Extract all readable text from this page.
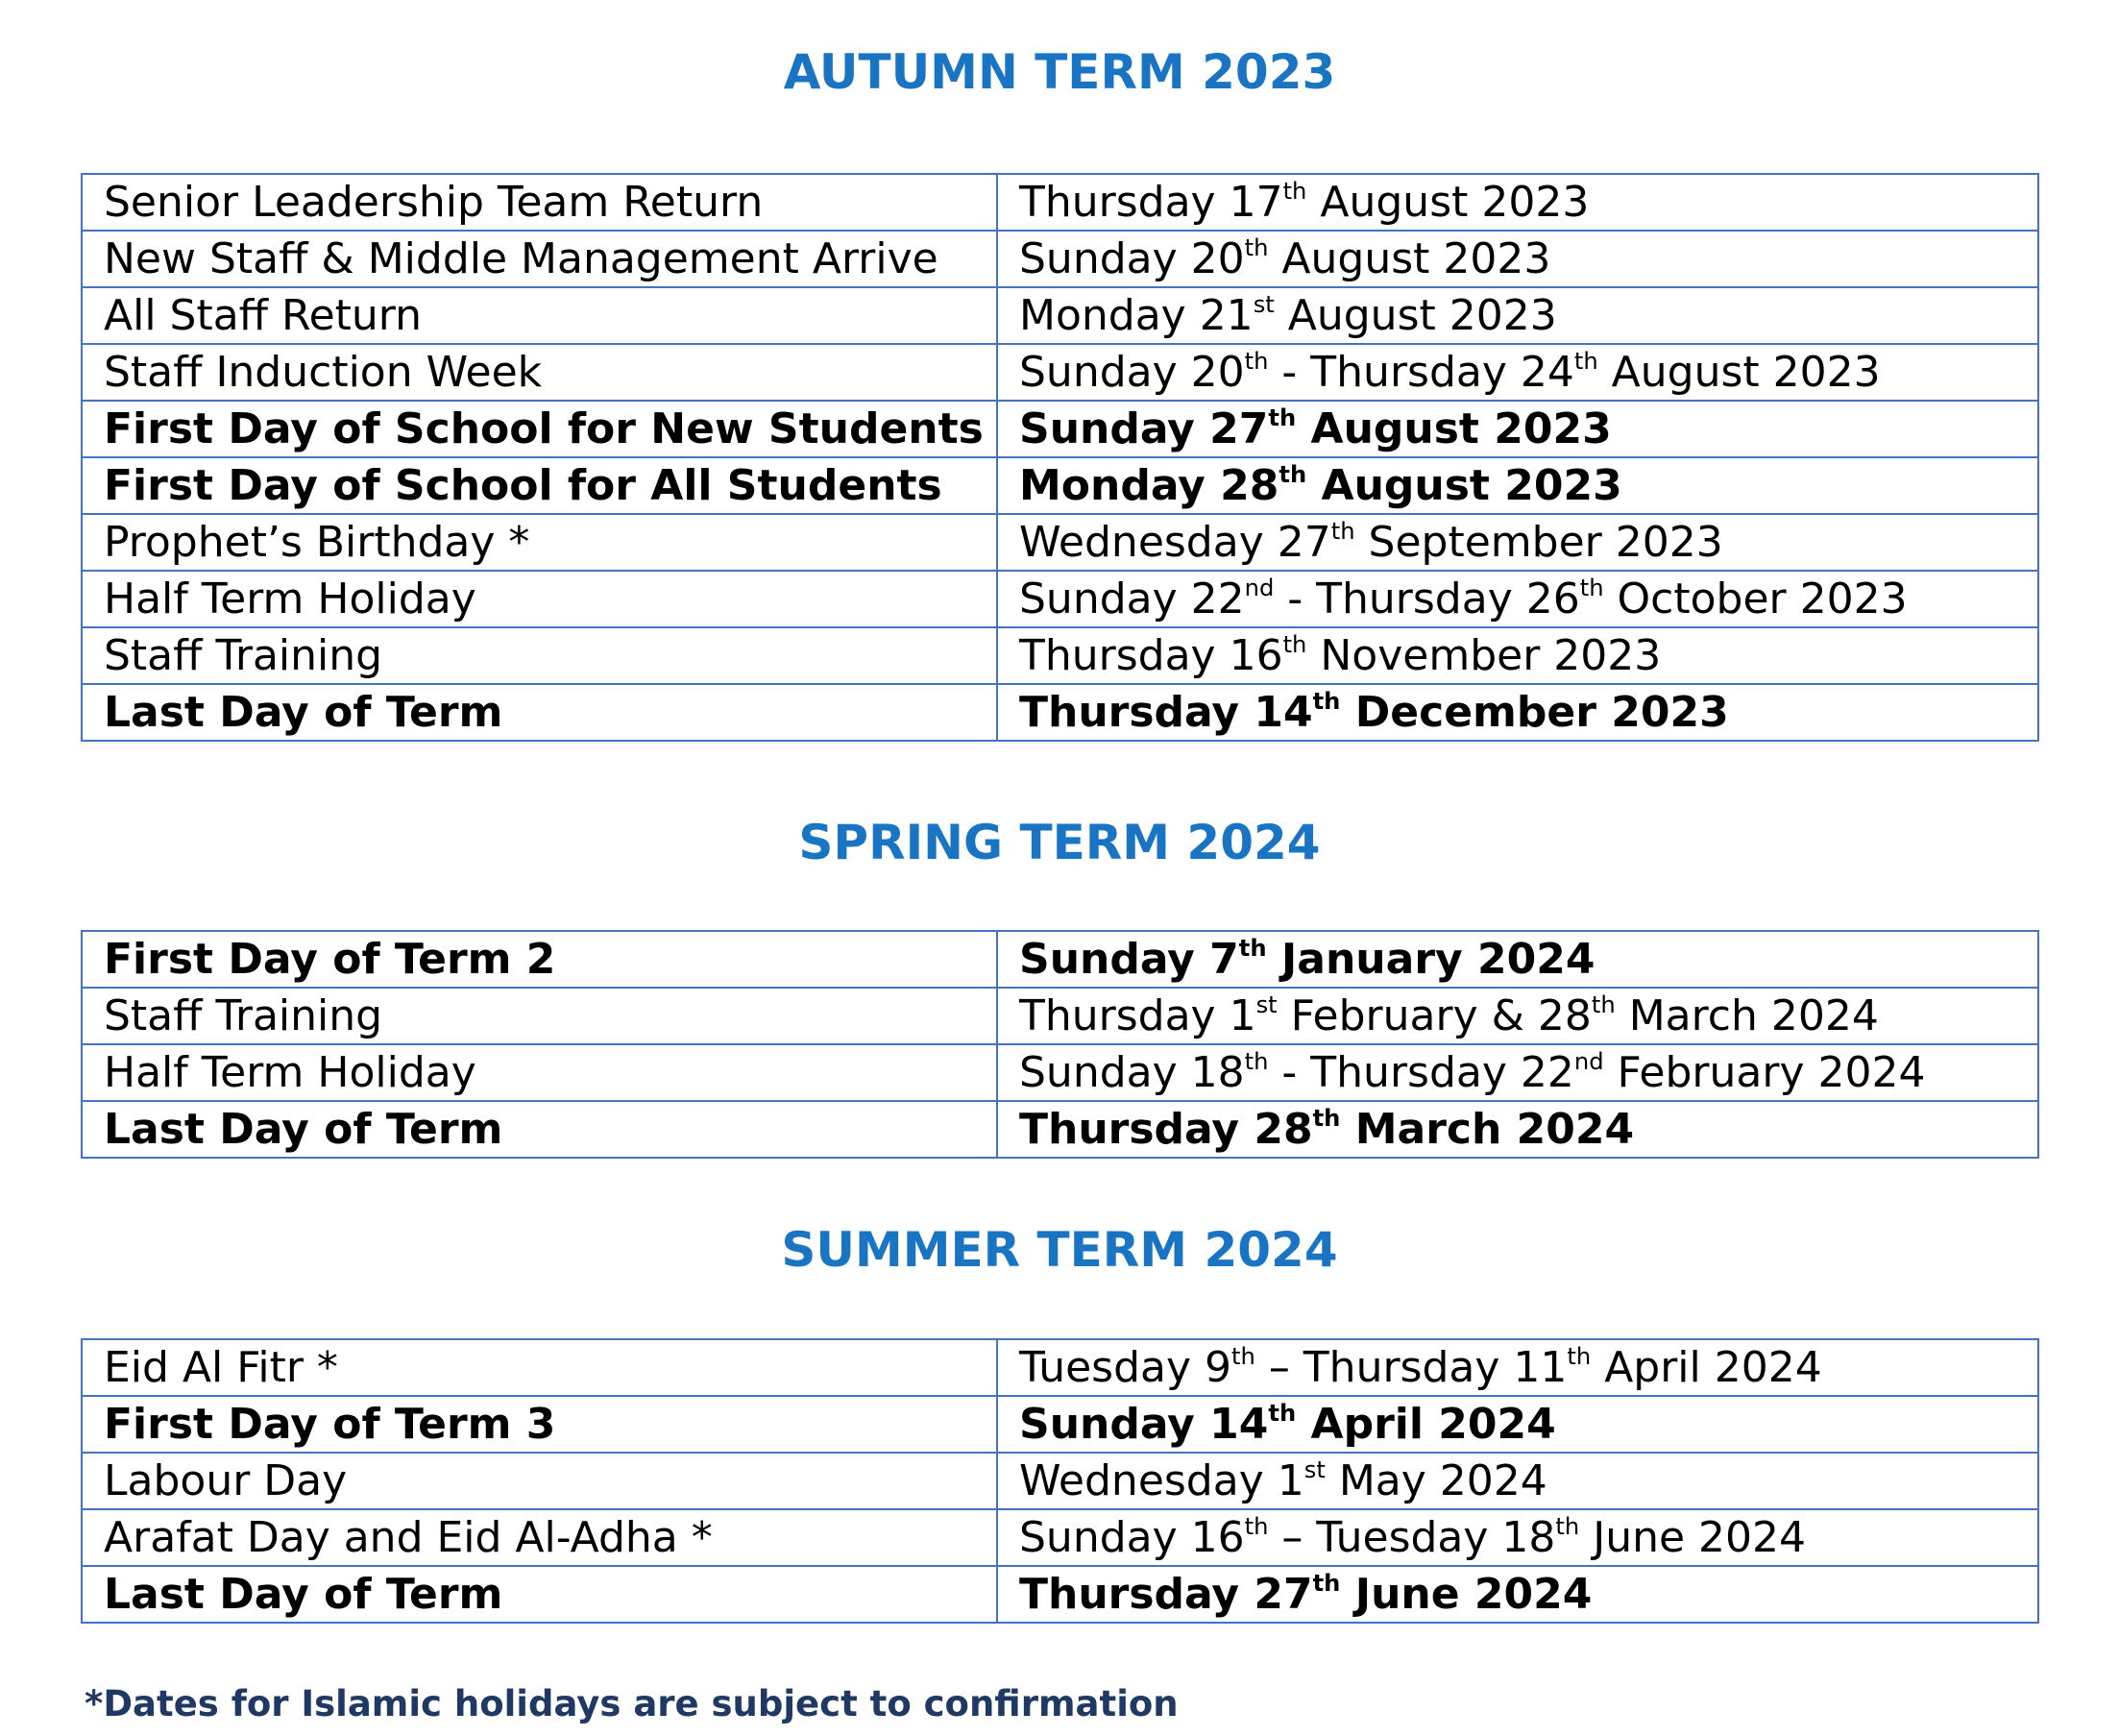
AUTUMN TERM 2023
Senior Leadership Team Return	Thursday 17th August 2023
New Staff & Middle Management Arrive	Sunday 20th August 2023
All Staff Return	Monday 21st August 2023
Staff Induction Week	Sunday 20th - Thursday 24th August 2023
First Day of School for New Students	Sunday 27th August 2023
First Day of School for All Students	Monday 28th August 2023
Prophet’s Birthday *	Wednesday 27th September 2023
Half Term Holiday	Sunday 22nd - Thursday 26th October 2023
Staff Training	Thursday 16th November 2023
Last Day of Term	Thursday 14th December 2023
SPRING TERM 2024
First Day of Term 2	Sunday 7th January 2024
Staff Training	Thursday 1st February & 28th March 2024
Half Term Holiday	Sunday 18th - Thursday 22nd February 2024
Last Day of Term	Thursday 28th March 2024
SUMMER TERM 2024
Eid Al Fitr *	Tuesday 9th – Thursday 11th April 2024
First Day of Term 3	Sunday 14th April 2024
Labour Day	Wednesday 1st May 2024
Arafat Day and Eid Al-Adha *	Sunday 16th – Tuesday 18th June 2024
Last Day of Term	Thursday 27th June 2024

*Dates for Islamic holidays are subject to confirmation
